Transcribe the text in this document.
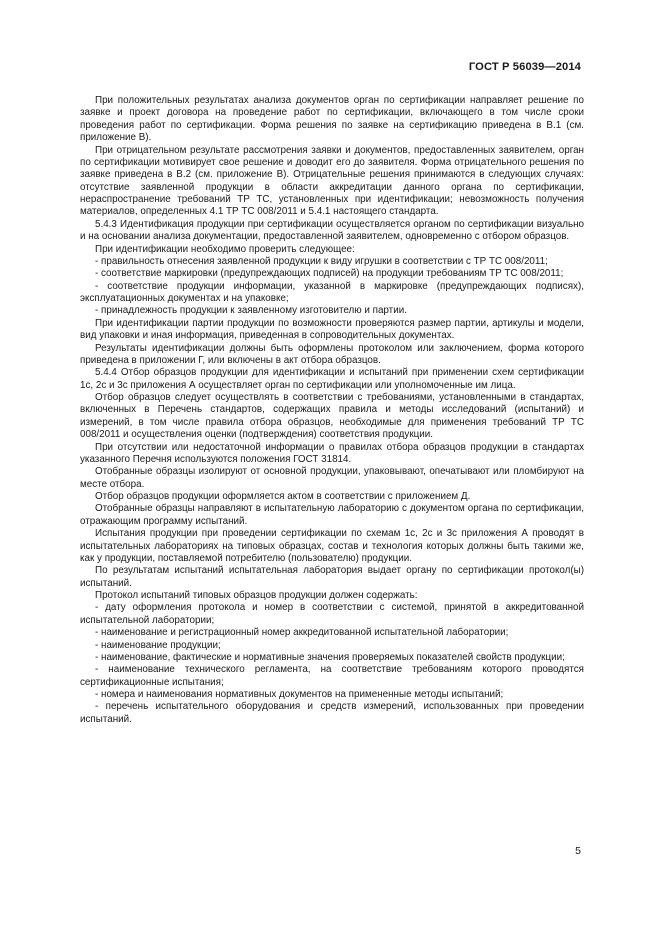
ГОСТ Р 56039—2014

При положительных результатах анализа документов орган по сертификации направляет решение по заявке и проект договора на проведение работ по сертификации, включающего в том числе сроки проведения работ по сертификации. Форма решения по заявке на сертификацию приведена в В.1 (см. приложение В).

При отрицательном результате рассмотрения заявки и документов, предоставленных заявителем, орган по сертификации мотивирует свое решение и доводит его до заявителя. Форма отрицательного решения по заявке приведена в В.2 (см. приложение В). Отрицательные решения принимаются в следующих случаях: отсутствие заявленной продукции в области аккредитации данного органа по сертификации, нераспространение требований ТР ТС, установленных при идентификации; невозможность получения материалов, определенных 4.1 ТР ТС 008/2011 и 5.4.1 настоящего стандарта.

5.4.3 Идентификация продукции при сертификации осуществляется органом по сертификации визуально и на основании анализа документации, предоставленной заявителем, одновременно с отбором образцов.

При идентификации необходимо проверить следующее:

- правильность отнесения заявленной продукции к виду игрушки в соответствии с ТР ТС 008/2011;

- соответствие маркировки (предупреждающих подписей) на продукции требованиям ТР ТС 008/2011;

- соответствие продукции информации, указанной в маркировке (предупреждающих подписях), эксплуатационных документах и на упаковке;

- принадлежность продукции к заявленному изготовителю и партии.

При идентификации партии продукции по возможности проверяются размер партии, артикулы и модели, вид упаковки и иная информация, приведенная в сопроводительных документах.

Результаты идентификации должны быть оформлены протоколом или заключением, форма которого приведена в приложении Г, или включены в акт отбора образцов.

5.4.4 Отбор образцов продукции для идентификации и испытаний при применении схем сертификации 1с, 2с и 3с приложения А осуществляет орган по сертификации или уполномоченные им лица.

Отбор образцов следует осуществлять в соответствии с требованиями, установленными в стандартах, включенных в Перечень стандартов, содержащих правила и методы исследований (испытаний) и измерений, в том числе правила отбора образцов, необходимые для применения требований ТР ТС 008/2011 и осуществления оценки (подтверждения) соответствия продукции.

При отсутствии или недостаточной информации о правилах отбора образцов продукции в стандартах указанного Перечня используются положения ГОСТ 31814.

Отобранные образцы изолируют от основной продукции, упаковывают, опечатывают или пломбируют на месте отбора.

Отбор образцов продукции оформляется актом в соответствии с приложением Д.

Отобранные образцы направляют в испытательную лабораторию с документом органа по сертификации, отражающим программу испытаний.

Испытания продукции при проведении сертификации по схемам 1с, 2с и 3с приложения А проводят в испытательных лабораториях на типовых образцах, состав и технология которых должны быть такими же, как у продукции, поставляемой потребителю (пользователю) продукции.

По результатам испытаний испытательная лаборатория выдает органу по сертификации протокол(ы) испытаний.

Протокол испытаний типовых образцов продукции должен содержать:

- дату оформления протокола и номер в соответствии с системой, принятой в аккредитованной испытательной лаборатории;

- наименование и регистрационный номер аккредитованной испытательной лаборатории;

- наименование продукции;

- наименование, фактические и нормативные значения проверяемых показателей свойств продукции;

- наименование технического регламента, на соответствие требованиям которого проводятся сертификационные испытания;

- номера и наименования нормативных документов на примененные методы испытаний;

- перечень испытательного оборудования и средств измерений, использованных при проведении испытаний.

5
